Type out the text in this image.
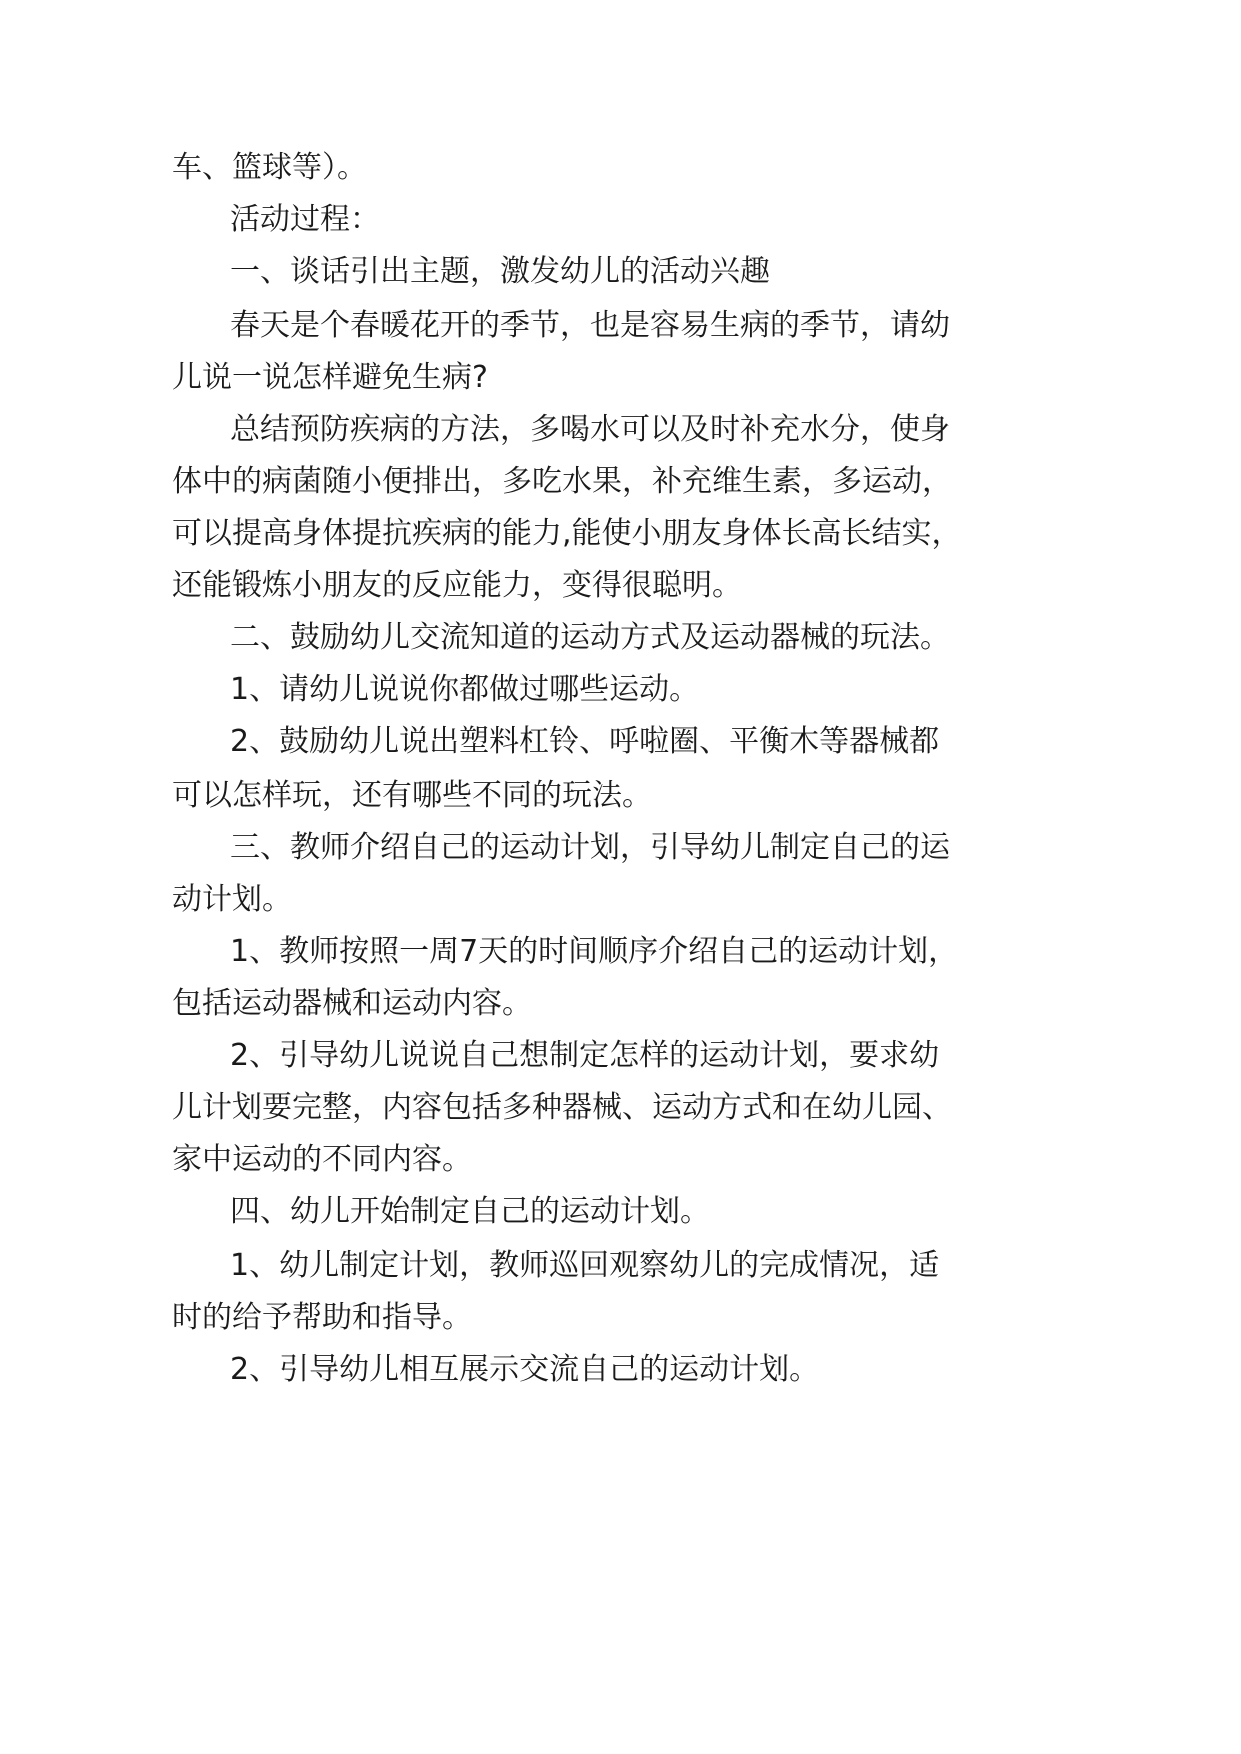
车、篮球等）。
活动过程：
一、谈话引出主题，激发幼儿的活动兴趣
春天是个春暖花开的季节，也是容易生病的季节，请幼
儿说一说怎样避免生病?
总结预防疾病的方法，多喝水可以及时补充水分，使身
体中的病菌随小便排出，多吃水果，补充维生素，多运动，
可以提高身体提抗疾病的能力,能使小朋友身体长高长结实，
还能锻炼小朋友的反应能力，变得很聪明。
二、鼓励幼儿交流知道的运动方式及运动器械的玩法。
1、请幼儿说说你都做过哪些运动。
2、鼓励幼儿说出塑料杠铃、呼啦圈、平衡木等器械都
可以怎样玩，还有哪些不同的玩法。
三、教师介绍自己的运动计划，引导幼儿制定自己的运
动计划。
1、教师按照一周7天的时间顺序介绍自己的运动计划，
包括运动器械和运动内容。
2、引导幼儿说说自己想制定怎样的运动计划，要求幼
儿计划要完整，内容包括多种器械、运动方式和在幼儿园、
家中运动的不同内容。
四、幼儿开始制定自己的运动计划。
1、幼儿制定计划，教师巡回观察幼儿的完成情况，适
时的给予帮助和指导。
2、引导幼儿相互展示交流自己的运动计划。
